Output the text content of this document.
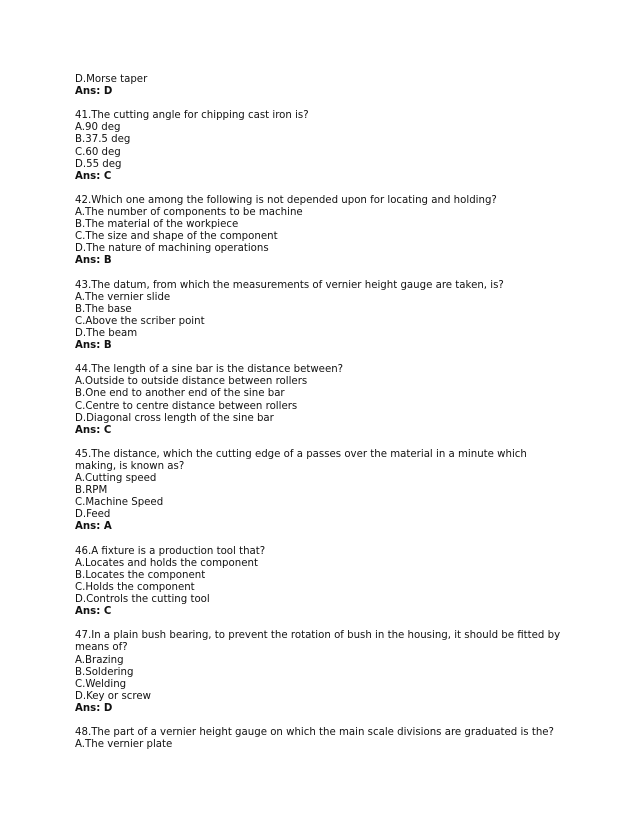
D.Morse taper
Ans: D
41.The cutting angle for chipping cast iron is?
A.90 deg
B.37.5 deg
C.60 deg
D.55 deg
Ans: C
42.Which one among the following is not depended upon for locating and holding?
A.The number of components to be machine
B.The material of the workpiece
C.The size and shape of the component
D.The nature of machining operations
Ans: B
43.The datum, from which the measurements of vernier height gauge are taken, is?
A.The vernier slide
B.The base
C.Above the scriber point
D.The beam
Ans: B
44.The length of a sine bar is the distance between?
A.Outside to outside distance between rollers
B.One end to another end of the sine bar
C.Centre to centre distance between rollers
D.Diagonal cross length of the sine bar
Ans: C
45.The distance, which the cutting edge of a passes over the material in a minute which making, is known as?
A.Cutting speed
B.RPM
C.Machine Speed
D.Feed
Ans: A
46.A fixture is a production tool that?
A.Locates and holds the component
B.Locates the component
C.Holds the component
D.Controls the cutting tool
Ans: C
47.In a plain bush bearing, to prevent the rotation of bush in the housing, it should be fitted by means of?
A.Brazing
B.Soldering
C.Welding
D.Key or screw
Ans: D
48.The part of a vernier height gauge on which the main scale divisions are graduated is the?
A.The vernier plate
